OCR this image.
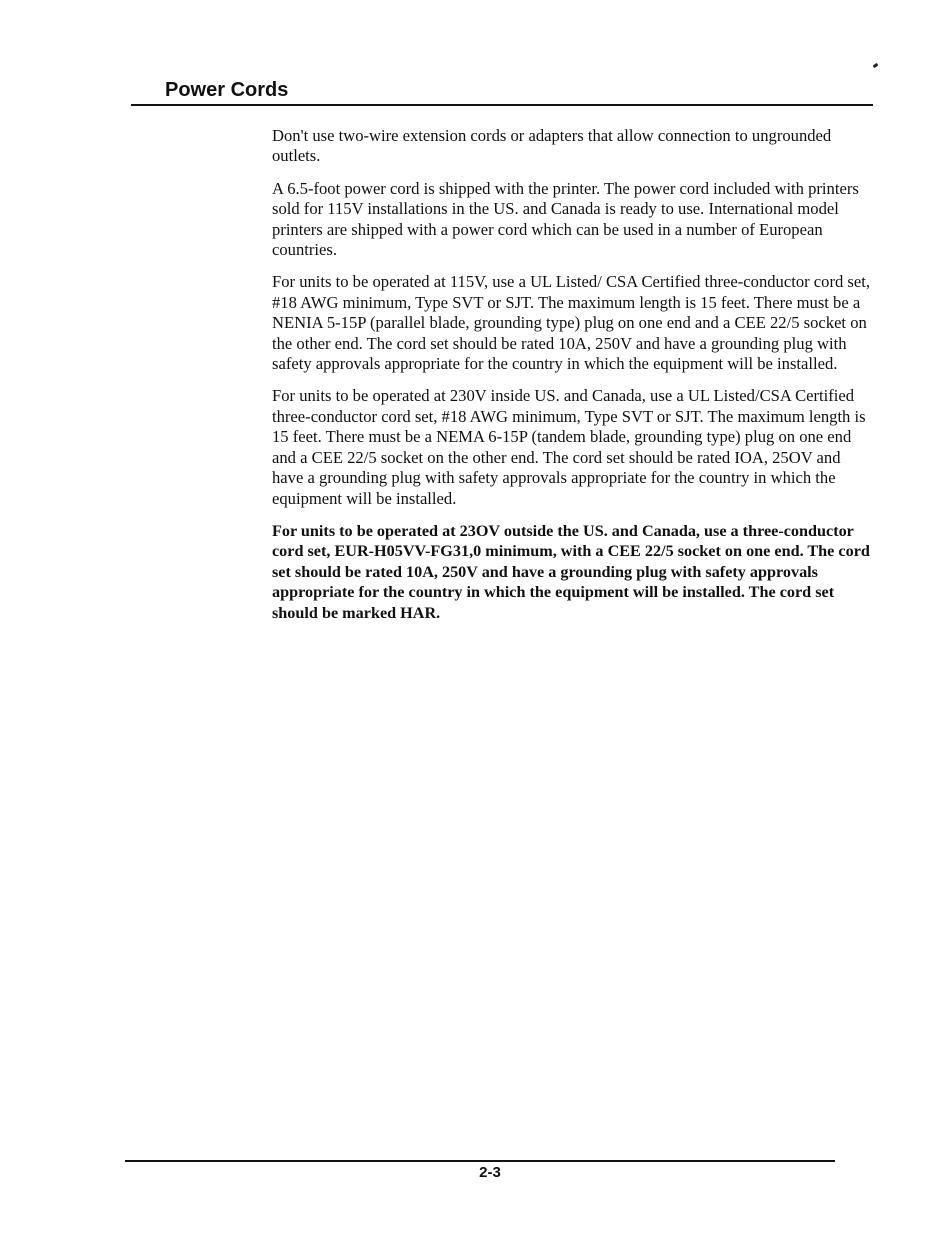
Power Cords

Don't use two-wire extension cords or adapters that allow connection to ungrounded outlets.

A 6.5-foot power cord is shipped with the printer. The power cord included with printers sold for 115V installations in the US. and Canada is ready to use. International model printers are shipped with a power cord which can be used in a number of European countries.

For units to be operated at 115V, use a UL Listed/ CSA Certified three-conductor cord set, #18 AWG minimum, Type SVT or SJT. The maximum length is 15 feet. There must be a NENIA 5-15P (parallel blade, grounding type) plug on one end and a CEE 22/5 socket on the other end. The cord set should be rated 10A, 250V and have a grounding plug with safety approvals appropriate for the country in which the equipment will be installed.

For units to be operated at 230V inside US. and Canada, use a UL Listed/CSA Certified three-conductor cord set, #18 AWG minimum, Type SVT or SJT. The maximum length is 15 feet. There must be a NEMA 6-15P (tandem blade, grounding type) plug on one end and a CEE 22/5 socket on the other end. The cord set should be rated IOA, 25OV and have a grounding plug with safety approvals appropriate for the country in which the equipment will be installed.

For units to be operated at 23OV outside the US. and Canada, use a three-conductor cord set, EUR-H05VV-FG31,0 minimum, with a CEE 22/5 socket on one end. The cord set should be rated 10A, 250V and have a grounding plug with safety approvals appropriate for the country in which the equipment will be installed. The cord set should be marked HAR.

2-3
